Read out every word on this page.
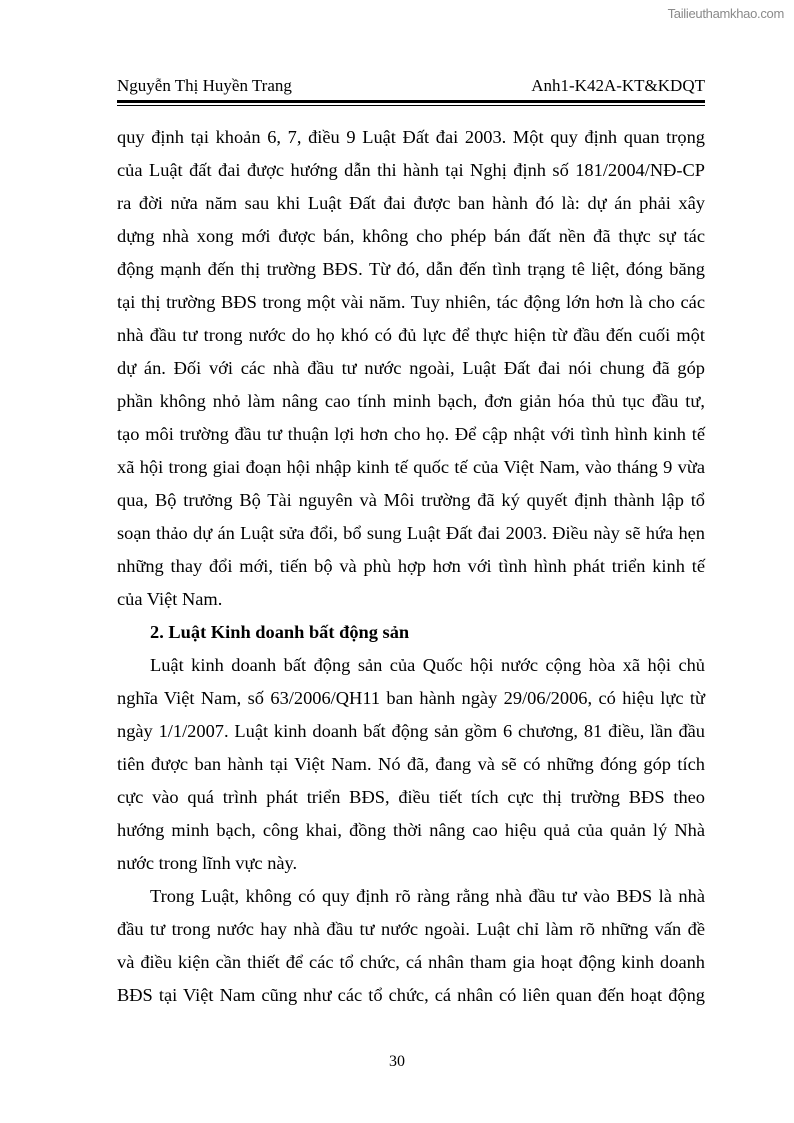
Tailieuthamkhao.com
Nguyễn Thị Huyền Trang	Anh1-K42A-KT&KDQT
quy định tại khoản 6, 7, điều 9 Luật Đất đai 2003. Một quy định quan trọng
của Luật đất đai được hướng dẫn thi hành tại Nghị định số 181/2004/NĐ-CP
ra đời nửa năm sau khi Luật Đất đai được ban hành đó là: dự án phải xây
dựng nhà xong mới được bán, không cho phép bán đất nền đã thực sự tác
động mạnh đến thị trường BĐS. Từ đó, dẫn đến tình trạng tê liệt, đóng băng
tại thị trường BĐS trong một vài năm. Tuy nhiên, tác động lớn hơn là cho các
nhà đầu tư trong nước do họ khó có đủ lực để thực hiện từ đầu đến cuối một
dự án. Đối với các nhà đầu tư nước ngoài, Luật Đất đai nói chung đã góp
phần không nhỏ làm nâng cao tính minh bạch, đơn giản hóa thủ tục đầu tư,
tạo môi trường đầu tư thuận lợi hơn cho họ. Để cập nhật với tình hình kinh tế
xã hội trong giai đoạn hội nhập kinh tế quốc tế của Việt Nam, vào tháng 9 vừa
qua, Bộ trưởng Bộ Tài nguyên và Môi trường đã ký quyết định thành lập tổ
soạn thảo dự án Luật sửa đổi, bổ sung Luật Đất đai 2003. Điều này sẽ hứa hẹn
những thay đổi mới, tiến bộ và phù hợp hơn với tình hình phát triển kinh tế
của Việt Nam.
2. Luật Kinh doanh bất động sản
Luật kinh doanh bất động sản của Quốc hội nước cộng hòa xã hội chủ
nghĩa Việt Nam, số 63/2006/QH11 ban hành ngày 29/06/2006, có hiệu lực từ
ngày 1/1/2007. Luật kinh doanh bất động sản gồm 6 chương, 81 điều, lần đầu
tiên được ban hành tại Việt Nam. Nó đã, đang và sẽ có những đóng góp tích
cực vào quá trình phát triển BĐS, điều tiết tích cực thị trường BĐS theo
hướng minh bạch, công khai, đồng thời nâng cao hiệu quả của quản lý Nhà
nước trong lĩnh vực này.
Trong Luật, không có quy định rõ ràng rằng nhà đầu tư vào BĐS là nhà
đầu tư trong nước hay nhà đầu tư nước ngoài. Luật chỉ làm rõ những vấn đề
và điều kiện cần thiết để các tổ chức, cá nhân tham gia hoạt động kinh doanh
BĐS tại Việt Nam cũng như các tổ chức, cá nhân có liên quan đến hoạt động
30
